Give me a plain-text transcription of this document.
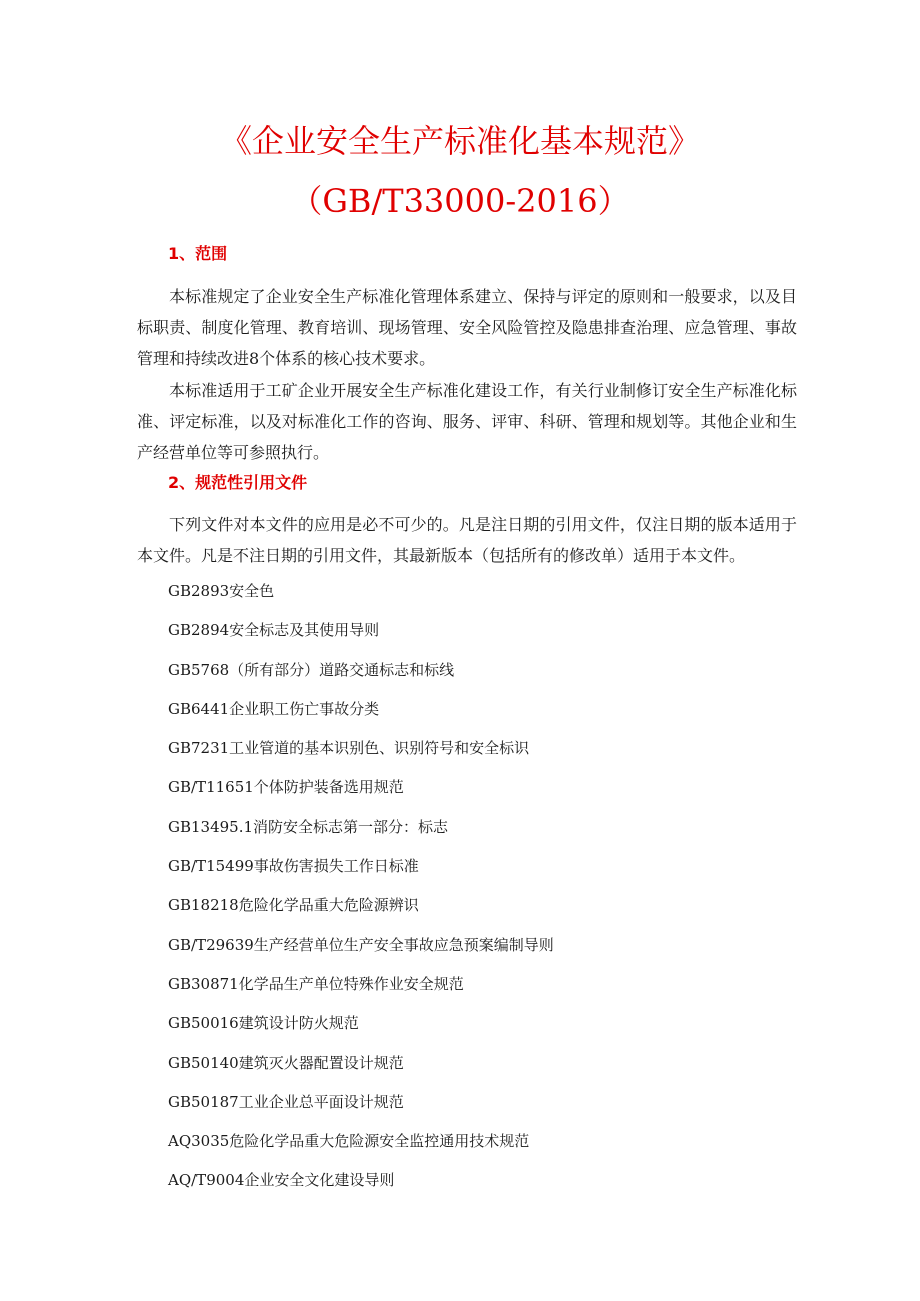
《企业安全生产标准化基本规范》
（GB/T33000-2016）
1、范围
本标准规定了企业安全生产标准化管理体系建立、保持与评定的原则和一般要求，以及目标职责、制度化管理、教育培训、现场管理、安全风险管控及隐患排查治理、应急管理、事故管理和持续改进8个体系的核心技术要求。
本标准适用于工矿企业开展安全生产标准化建设工作，有关行业制修订安全生产标准化标准、评定标准，以及对标准化工作的咨询、服务、评审、科研、管理和规划等。其他企业和生产经营单位等可参照执行。
2、规范性引用文件
下列文件对本文件的应用是必不可少的。凡是注日期的引用文件，仅注日期的版本适用于本文件。凡是不注日期的引用文件，其最新版本（包括所有的修改单）适用于本文件。
GB2893安全色
GB2894安全标志及其使用导则
GB5768（所有部分）道路交通标志和标线
GB6441企业职工伤亡事故分类
GB7231工业管道的基本识别色、识别符号和安全标识
GB/T11651个体防护装备选用规范
GB13495.1消防安全标志第一部分：标志
GB/T15499事故伤害损失工作日标准
GB18218危险化学品重大危险源辨识
GB/T29639生产经营单位生产安全事故应急预案编制导则
GB30871化学品生产单位特殊作业安全规范
GB50016建筑设计防火规范
GB50140建筑灭火器配置设计规范
GB50187工业企业总平面设计规范
AQ3035危险化学品重大危险源安全监控通用技术规范
AQ/T9004企业安全文化建设导则
